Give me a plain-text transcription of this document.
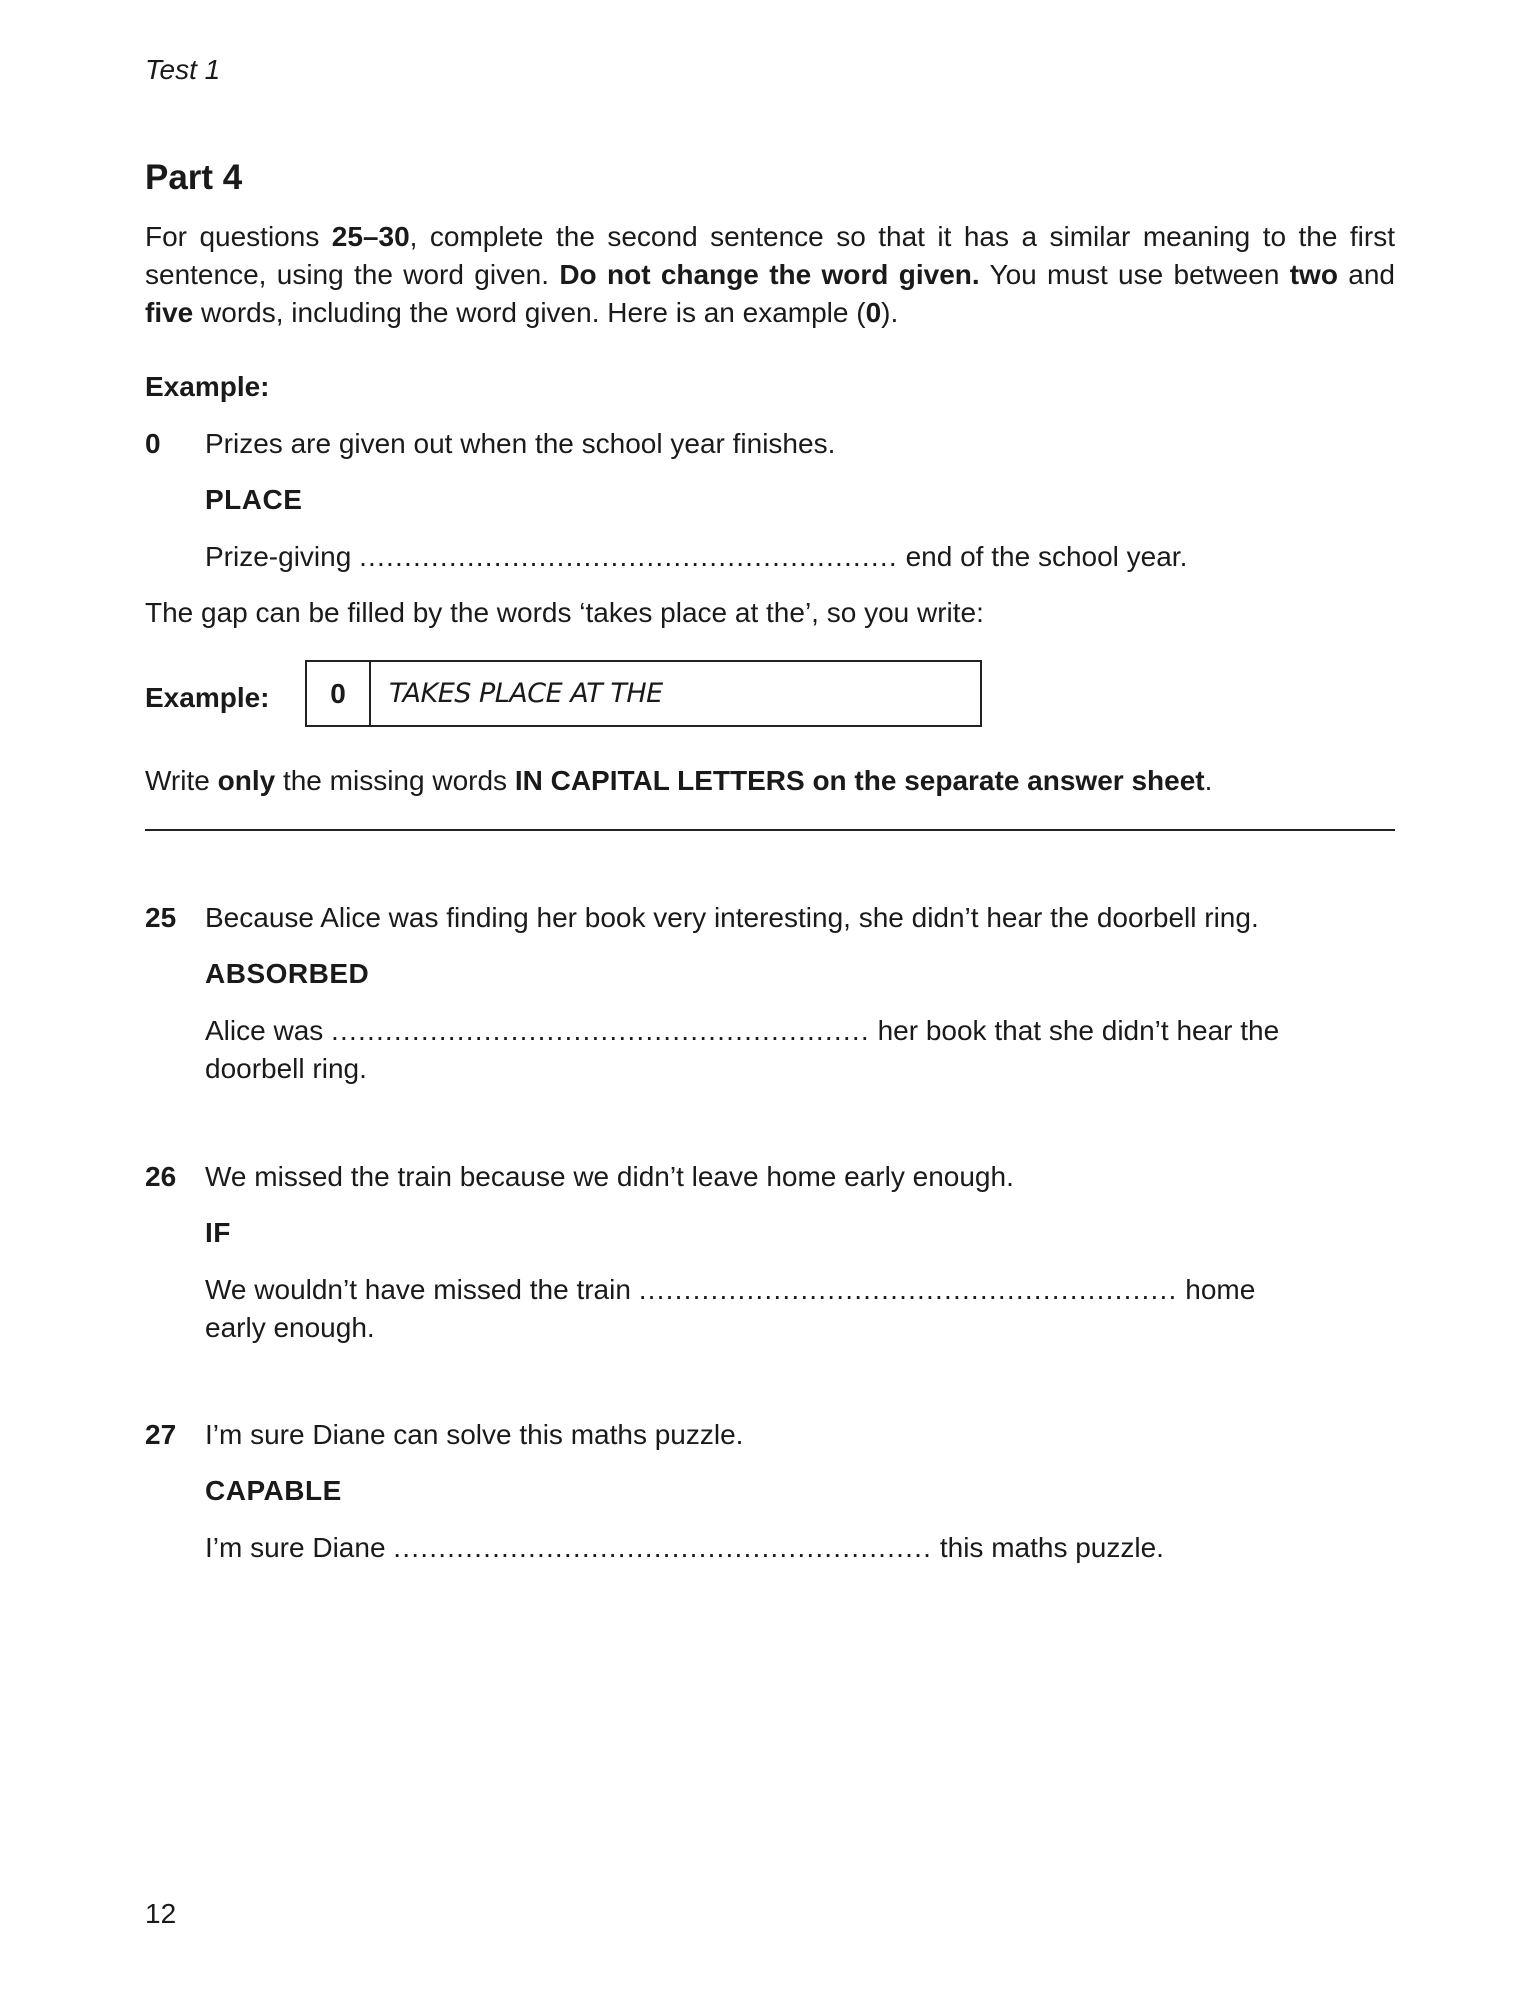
Test 1
Part 4
For questions 25–30, complete the second sentence so that it has a similar meaning to the first
sentence, using the word given. Do not change the word given. You must use between two and
five words, including the word given. Here is an example (0).
Example:
0 Prizes are given out when the school year finishes.
PLACE
Prize-giving ............................................................ end of the school year.
The gap can be filled by the words ‘takes place at the’, so you write:
Example:	0	TAKES PLACE AT THE
Write only the missing words IN CAPITAL LETTERS on the separate answer sheet.
25 Because Alice was finding her book very interesting, she didn’t hear the doorbell ring.
ABSORBED
Alice was ............................................................ her book that she didn’t hear the
doorbell ring.
26 We missed the train because we didn’t leave home early enough.
IF
We wouldn’t have missed the train ............................................................ home
early enough.
27 I’m sure Diane can solve this maths puzzle.
CAPABLE
I’m sure Diane ............................................................ this maths puzzle.
12
